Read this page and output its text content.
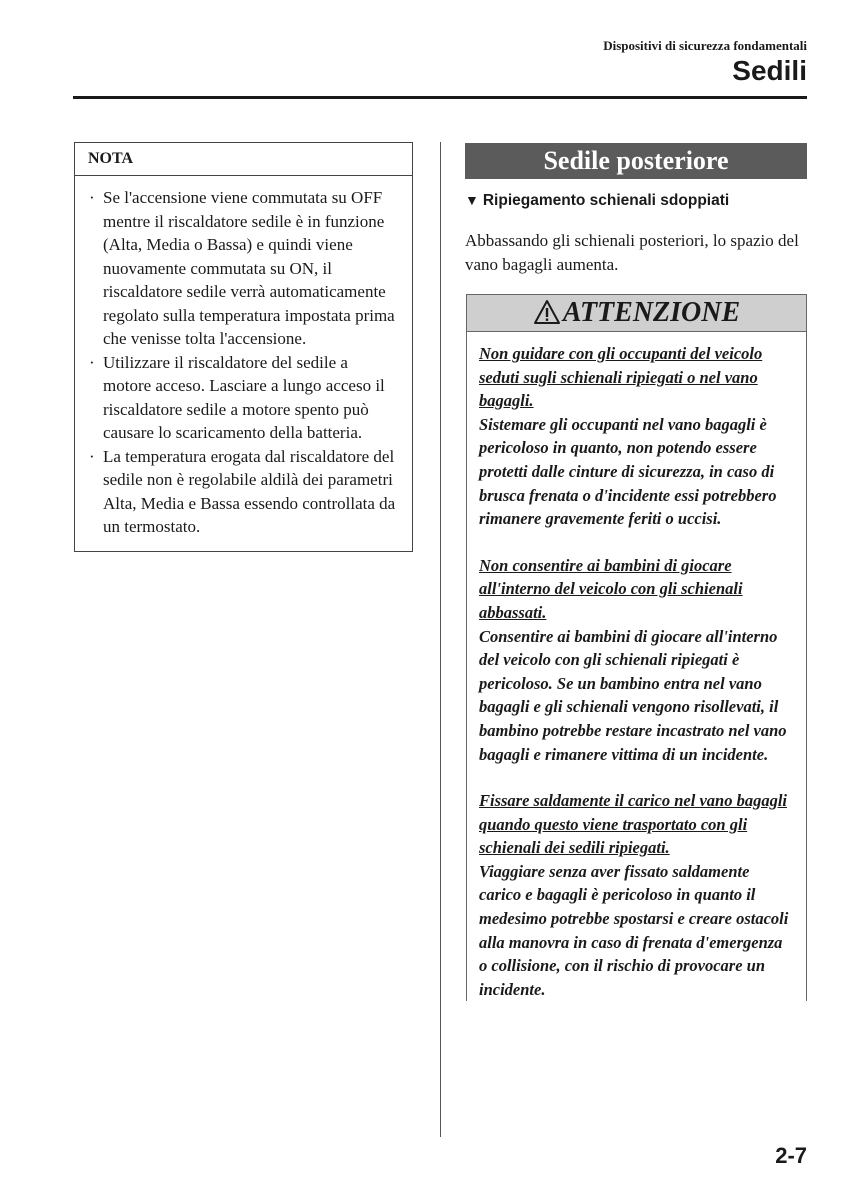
Dispositivi di sicurezza fondamentali
Sedili
NOTA
· Se l'accensione viene commutata su OFF mentre il riscaldatore sedile è in funzione (Alta, Media o Bassa) e quindi viene nuovamente commutata su ON, il riscaldatore sedile verrà automaticamente regolato sulla temperatura impostata prima che venisse tolta l'accensione.
· Utilizzare il riscaldatore del sedile a motore acceso. Lasciare a lungo acceso il riscaldatore sedile a motore spento può causare lo scaricamento della batteria.
· La temperatura erogata dal riscaldatore del sedile non è regolabile aldilà dei parametri Alta, Media e Bassa essendo controllata da un termostato.
Sedile posteriore
▼ Ripiegamento schienali sdoppiati
Abbassando gli schienali posteriori, lo spazio del vano bagagli aumenta.
ATTENZIONE
Non guidare con gli occupanti del veicolo seduti sugli schienali ripiegati o nel vano bagagli.
Sistemare gli occupanti nel vano bagagli è pericoloso in quanto, non potendo essere protetti dalle cinture di sicurezza, in caso di brusca frenata o d'incidente essi potrebbero rimanere gravemente feriti o uccisi.
Non consentire ai bambini di giocare all'interno del veicolo con gli schienali abbassati.
Consentire ai bambini di giocare all'interno del veicolo con gli schienali ripiegati è pericoloso. Se un bambino entra nel vano bagagli e gli schienali vengono risollevati, il bambino potrebbe restare incastrato nel vano bagagli e rimanere vittima di un incidente.
Fissare saldamente il carico nel vano bagagli quando questo viene trasportato con gli schienali dei sedili ripiegati.
Viaggiare senza aver fissato saldamente carico e bagagli è pericoloso in quanto il medesimo potrebbe spostarsi e creare ostacoli alla manovra in caso di frenata d'emergenza o collisione, con il rischio di provocare un incidente.
2-7
